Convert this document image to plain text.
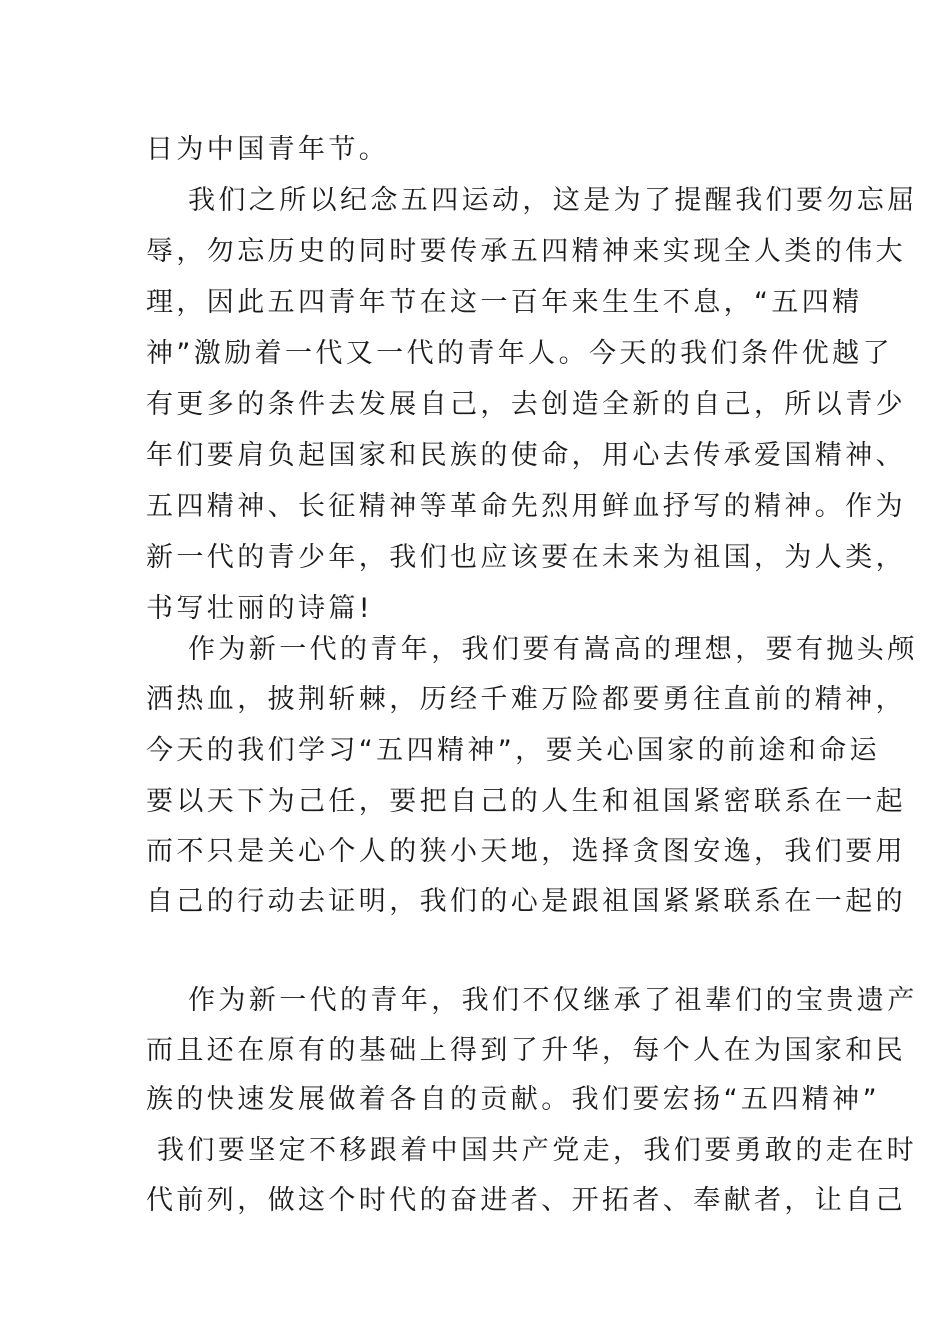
日为中国青年节。
我们之所以纪念五四运动，这是为了提醒我们要勿忘屈
辱，勿忘历史的同时要传承五四精神来实现全人类的伟大
理，因此五四青年节在这一百年来生生不息，“五四精
神”激励着一代又一代的青年人。今天的我们条件优越了
有更多的条件去发展自己，去创造全新的自己，所以青少
年们要肩负起国家和民族的使命，用心去传承爱国精神、
五四精神、长征精神等革命先烈用鲜血抒写的精神。作为
新一代的青少年，我们也应该要在未来为祖国，为人类，
书写壮丽的诗篇!
作为新一代的青年，我们要有嵩高的理想，要有抛头颅
洒热血，披荆斩棘，历经千难万险都要勇往直前的精神，
今天的我们学习“五四精神”，要关心国家的前途和命运
要以天下为己任，要把自己的人生和祖国紧密联系在一起
而不只是关心个人的狭小天地，选择贪图安逸，我们要用
自己的行动去证明，我们的心是跟祖国紧紧联系在一起的
作为新一代的青年，我们不仅继承了祖辈们的宝贵遗产
而且还在原有的基础上得到了升华，每个人在为国家和民
族的快速发展做着各自的贡献。我们要宏扬“五四精神”
我们要坚定不移跟着中国共产党走，我们要勇敢的走在时
代前列，做这个时代的奋进者、开拓者、奉献者，让自己
